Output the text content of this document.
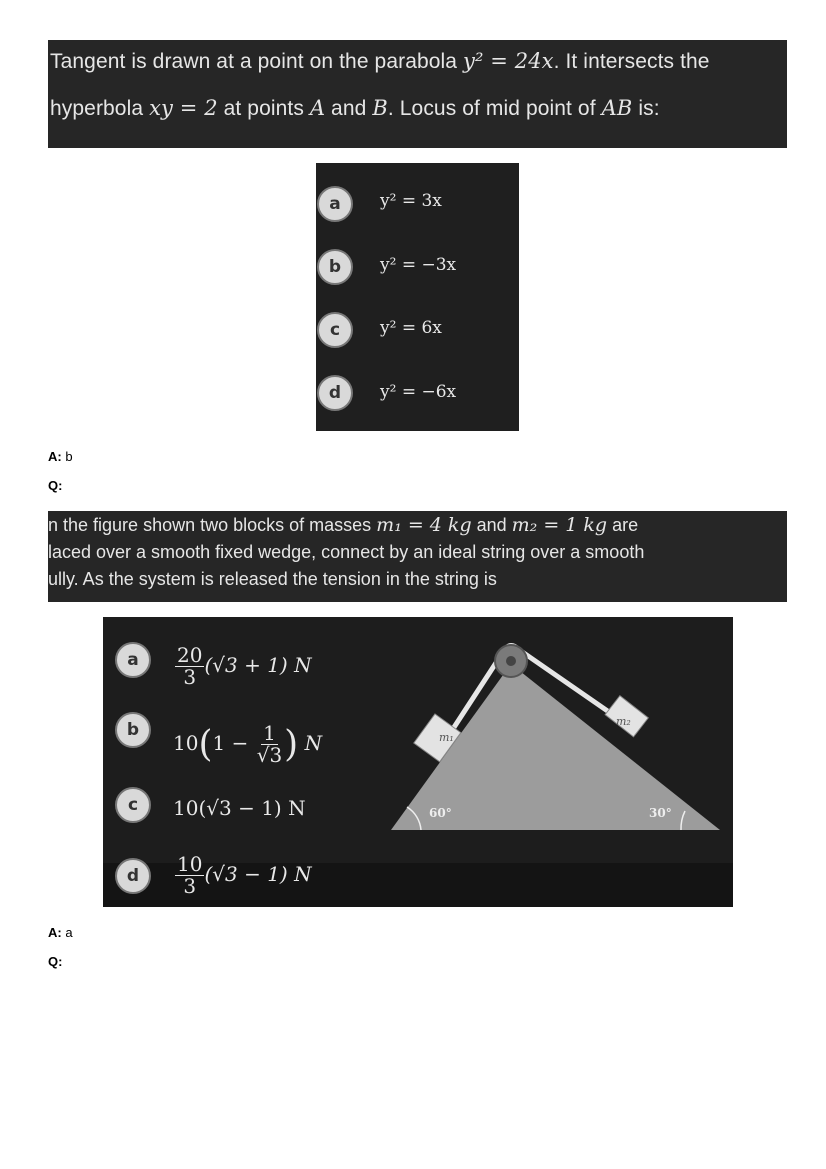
Tangent is drawn at a point on the parabola y² = 24x. It intersects the
hyperbola xy = 2 at points A and B. Locus of mid point of AB is:
a	y² = 3x
b	y² = −3x
c	y² = 6x
d	y² = −6x
A: b
Q:
n the figure shown two blocks of masses m₁ = 4 kg and m₂ = 1 kg are
laced over a smooth fixed wedge, connect by an ideal string over a smooth
ully. As the system is released the tension in the string is
a	$\frac{20}{3} (√3 + 1)$ N
b
$10(1 - \frac{1}{√3}$ ) N
c	10(√3 − 1) N
d	$\frac{10}{3} (√3 - 1)$ N
m₁
m₂
60°	30°
A: a
Q:
